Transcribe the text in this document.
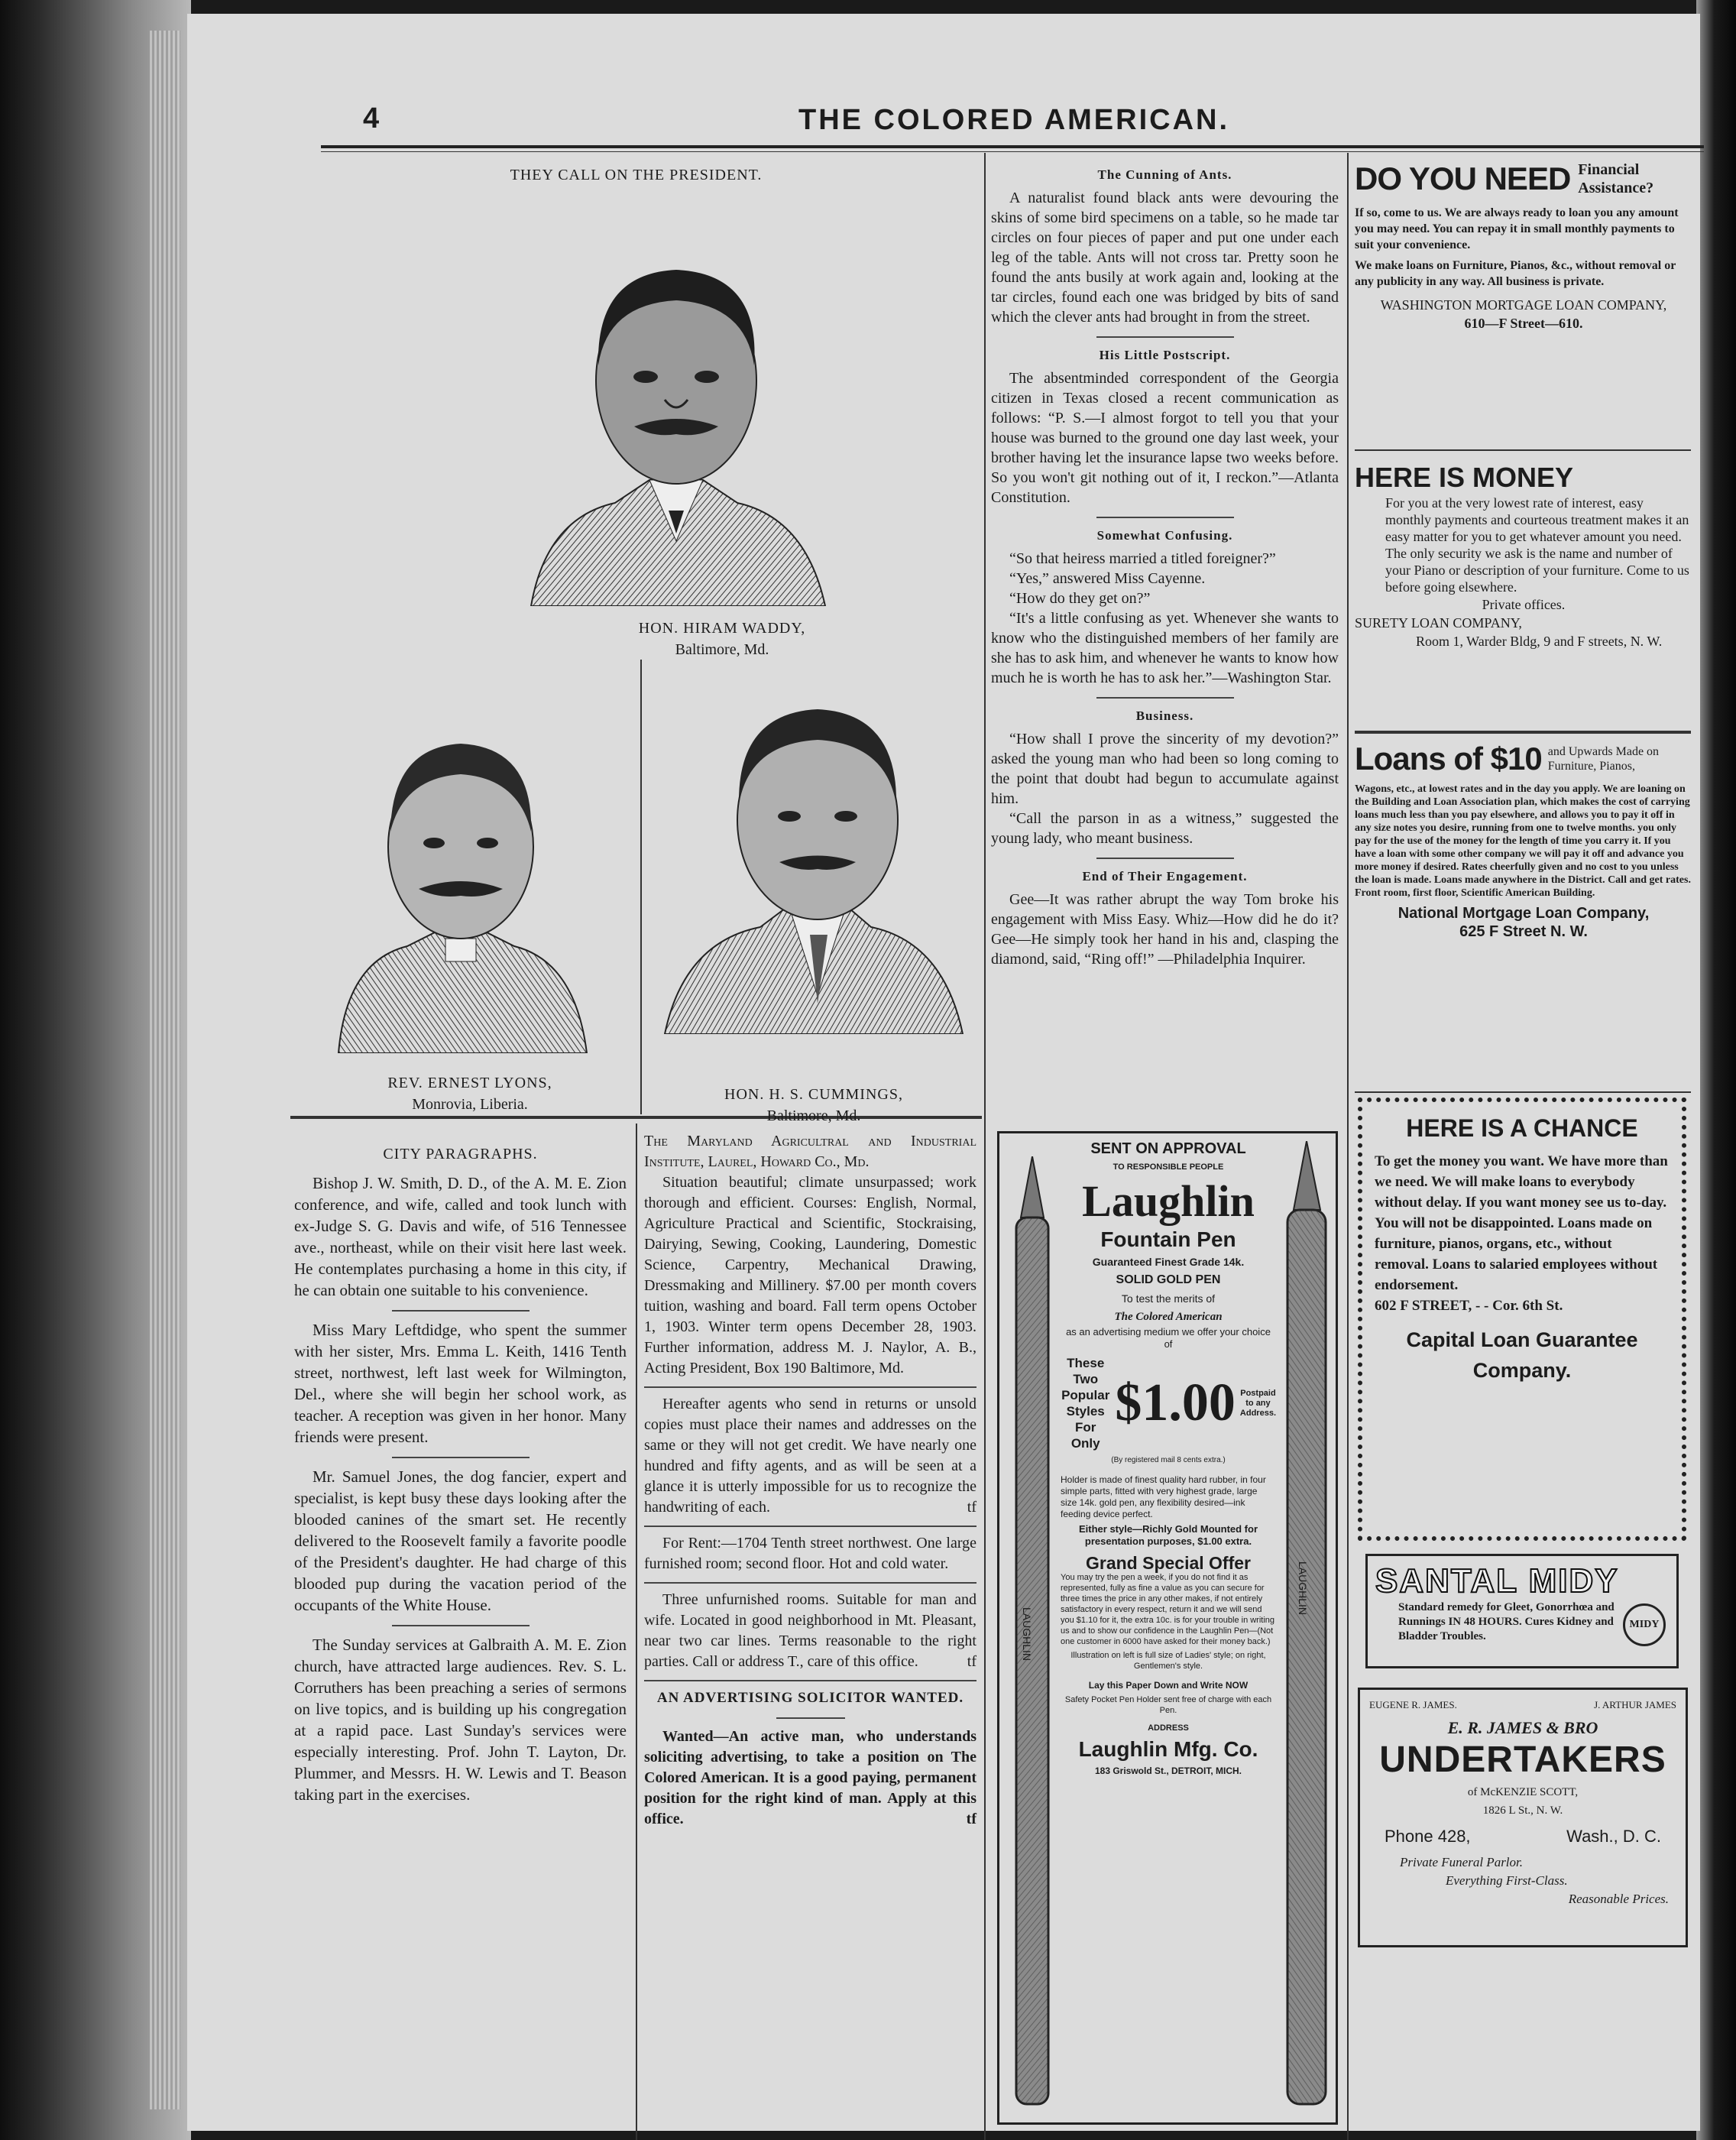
4	THE COLORED AMERICAN.
THEY CALL ON THE PRESIDENT.
HON. HIRAM WADDY,
Baltimore, Md.
REV. ERNEST LYONS,
Monrovia, Liberia.
HON. H. S. CUMMINGS,
Baltimore, Md.
CITY PARAGRAPHS.

Bishop J. W. Smith, D. D., of the A. M. E. Zion conference, and wife, called and took lunch with ex-Judge S. G. Davis and wife, of 516 Tennessee ave., northeast, while on their visit here last week. He contemplates purchasing a home in this city, if he can obtain one suitable to his convenience.

Miss Mary Leftdidge, who spent the summer with her sister, Mrs. Emma L. Keith, 1416 Tenth street, northwest, left last week for Wilmington, Del., where she will begin her school work, as teacher. A reception was given in her honor. Many friends were present.

Mr. Samuel Jones, the dog fancier, expert and specialist, is kept busy these days looking after the blooded canines of the smart set. He recently delivered to the Roosevelt family a favorite poodle of the President's daughter. He had charge of this blooded pup during the vacation period of the occupants of the White House.

The Sunday services at Galbraith A. M. E. Zion church, have attracted large audiences. Rev. S. L. Corruthers has been preaching a series of sermons on live topics, and is building up his congregation at a rapid pace. Last Sunday's services were especially interesting. Prof. John T. Layton, Dr. Plummer, and Messrs. H. W. Lewis and T. Beason taking part in the exercises.

The Maryland Agricultral and Industrial Institute, Laurel, Howard Co., Md.

Situation beautiful; climate unsurpassed; work thorough and efficient. Courses: English, Normal, Agriculture Practical and Scientific, Stockraising, Dairying, Sewing, Cooking, Laundering, Domestic Science, Carpentry, Mechanical Drawing, Dressmaking and Millinery. $7.00 per month covers tuition, washing and board. Fall term opens October 1, 1903. Winter term opens December 28, 1903. Further information, address M. J. Naylor, A. B., Acting President, Box 190 Baltimore, Md.

Hereafter agents who send in returns or unsold copies must place their names and addresses on the same or they will not get credit. We have nearly one hundred and fifty agents, and as will be seen at a glance it is utterly impossible for us to recognize the handwriting of each.	tf

For Rent:—1704 Tenth street northwest. One large furnished room; second floor. Hot and cold water.

Three unfurnished rooms. Suitable for man and wife. Located in good neighborhood in Mt. Pleasant, near two car lines. Terms reasonable to the right parties. Call or address T., care of this office.	tf

AN ADVERTISING SOLICITOR WANTED.

Wanted—An active man, who understands soliciting advertising, to take a position on The Colored American. It is a good paying, permanent position for the right kind of man. Apply at this office.	tf

The Cunning of Ants.

A naturalist found black ants were devouring the skins of some bird specimens on a table, so he made tar circles on four pieces of paper and put one under each leg of the table. Ants will not cross tar. Pretty soon he found the ants busily at work again and, looking at the tar circles, found each one was bridged by bits of sand which the clever ants had brought in from the street.

His Little Postscript.

The absentminded correspondent of the Georgia citizen in Texas closed a recent communication as follows: “P. S.—I almost forgot to tell you that your house was burned to the ground one day last week, your brother having let the insurance lapse two weeks before. So you won't git nothing out of it, I reckon.”—Atlanta Constitution.

Somewhat Confusing.

“So that heiress married a titled foreigner?”

“Yes,” answered Miss Cayenne.

“How do they get on?”

“It's a little confusing as yet. Whenever she wants to know who the distinguished members of her family are she has to ask him, and whenever he wants to know how much he is worth he has to ask her.”—Washington Star.

Business.

“How shall I prove the sincerity of my devotion?” asked the young man who had been so long coming to the point that doubt had begun to accumulate against him.

“Call the parson in as a witness,” suggested the young lady, who meant business.

End of Their Engagement.

Gee—It was rather abrupt the way Tom broke his engagement with Miss Easy. Whiz—How did he do it? Gee—He simply took her hand in his and, clasping the diamond, said, “Ring off!” —Philadelphia Inquirer.

LAUGHLIN
LAUGHLIN
SENT ON APPROVAL
TO RESPONSIBLE PEOPLE
Laughlin
Fountain Pen
Guaranteed Finest Grade 14k.
SOLID GOLD PEN
To test the merits of
The Colored American
as an advertising medium we offer your choice of
These Two Popular Styles For Only
$1.00 Postpaid to any Address.
(By registered mail 8 cents extra.)
Holder is made of finest quality hard rubber, in four simple parts, fitted with very highest grade, large size 14k. gold pen, any flexibility desired—ink feeding device perfect.
Either style—Richly Gold Mounted for presentation purposes, $1.00 extra.
Grand Special Offer
You may try the pen a week, if you do not find it as represented, fully as fine a value as you can secure for three times the price in any other makes, if not entirely satisfactory in every respect, return it and we will send you $1.10 for it, the extra 10c. is for your trouble in writing us and to show our confidence in the Laughlin Pen—(Not one customer in 6000 have asked for their money back.)
Illustration on left is full size of Ladies' style; on right, Gentlemen's style.
Lay this Paper Down and Write NOW
Safety Pocket Pen Holder sent free of charge with each Pen.
ADDRESS
Laughlin Mfg. Co.
183 Griswold St., DETROIT, MICH.
DO YOU NEED Financial Assistance?
If so, come to us. We are always ready to loan you any amount you may need. You can repay it in small monthly payments to suit your convenience.
We make loans on Furniture, Pianos, &c., without removal or any publicity in any way. All business is private.
WASHINGTON MORTGAGE LOAN COMPANY,
610—F Street—610.
HERE IS MONEY
For you at the very lowest rate of interest, easy monthly payments and courteous treatment makes it an easy matter for you to get whatever amount you need. The only security we ask is the name and number of your Piano or description of your furniture. Come to us before going elsewhere.
Private offices.
SURETY LOAN COMPANY,
Room 1, Warder Bldg, 9 and F streets, N. W.
Loans of $10 and Upwards Made on Furniture, Pianos,
Wagons, etc., at lowest rates and in the day you apply. We are loaning on the Building and Loan Association plan, which makes the cost of carrying loans much less than you pay elsewhere, and allows you to pay it off in any size notes you desire, running from one to twelve months. you only pay for the use of the money for the length of time you carry it. If you have a loan with some other company we will pay it off and advance you more money if desired. Rates cheerfully given and no cost to you unless the loan is made. Loans made anywhere in the District. Call and get rates. Front room, first floor, Scientific American Building.
National Mortgage Loan Company,
625 F Street N. W.
HERE IS A CHANCE
To get the money you want. We have more than we need. We will make loans to everybody without delay. If you want money see us to-day. You will not be disappointed. Loans made on furniture, pianos, organs, etc., without removal. Loans to salaried employees without endorsement.
602 F STREET, - - Cor. 6th St.
Capital Loan Guarantee Company.
SANTAL MIDY
Standard remedy for Gleet, Gonorrhœa and Runnings IN 48 HOURS. Cures Kidney and Bladder Troubles.
MIDY
EUGENE R. JAMES.	J. ARTHUR JAMES
E. R. JAMES & BRO
UNDERTAKERS
of McKENZIE SCOTT,
1826 L St., N. W.
Phone 428,	Wash., D. C.
Private Funeral Parlor.
Everything First-Class.
Reasonable Prices.
